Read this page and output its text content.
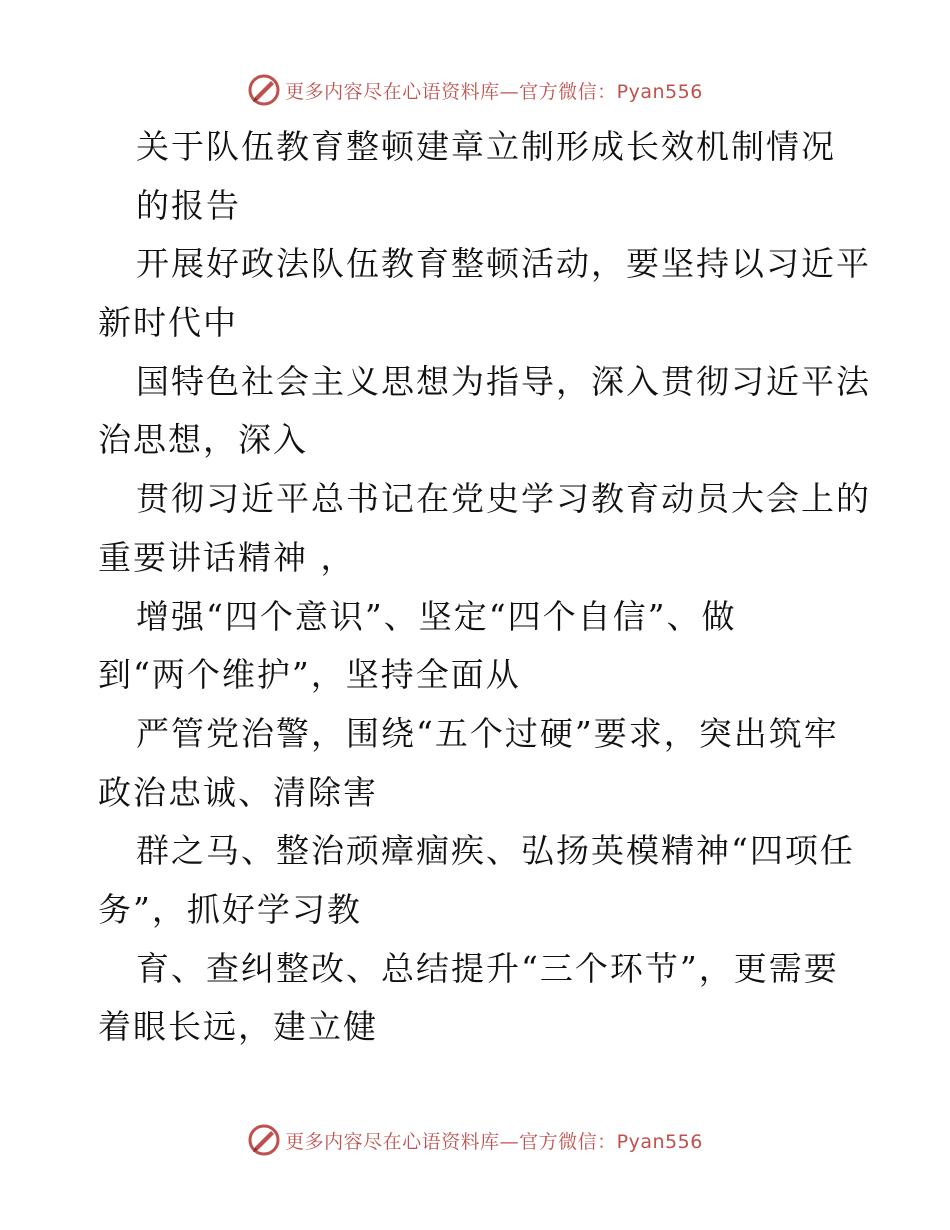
更多内容尽在心语资料库—官方微信：Pyan556
关于队伍教育整顿建章立制形成长效机制情况
的报告
开展好政法队伍教育整顿活动，要坚持以习近平
新时代中
国特色社会主义思想为指导，深入贯彻习近平法
治思想，深入
贯彻习近平总书记在党史学习教育动员大会上的
重要讲话精神 ，
增强“四个意识”、坚定“四个自信”、做
到“两个维护”，坚持全面从
严管党治警，围绕“五个过硬”要求，突出筑牢
政治忠诚、清除害
群之马、整治顽瘴痼疾、弘扬英模精神“四项任
务”，抓好学习教
育、查纠整改、总结提升“三个环节”，更需要
着眼长远，建立健
更多内容尽在心语资料库—官方微信：Pyan556
